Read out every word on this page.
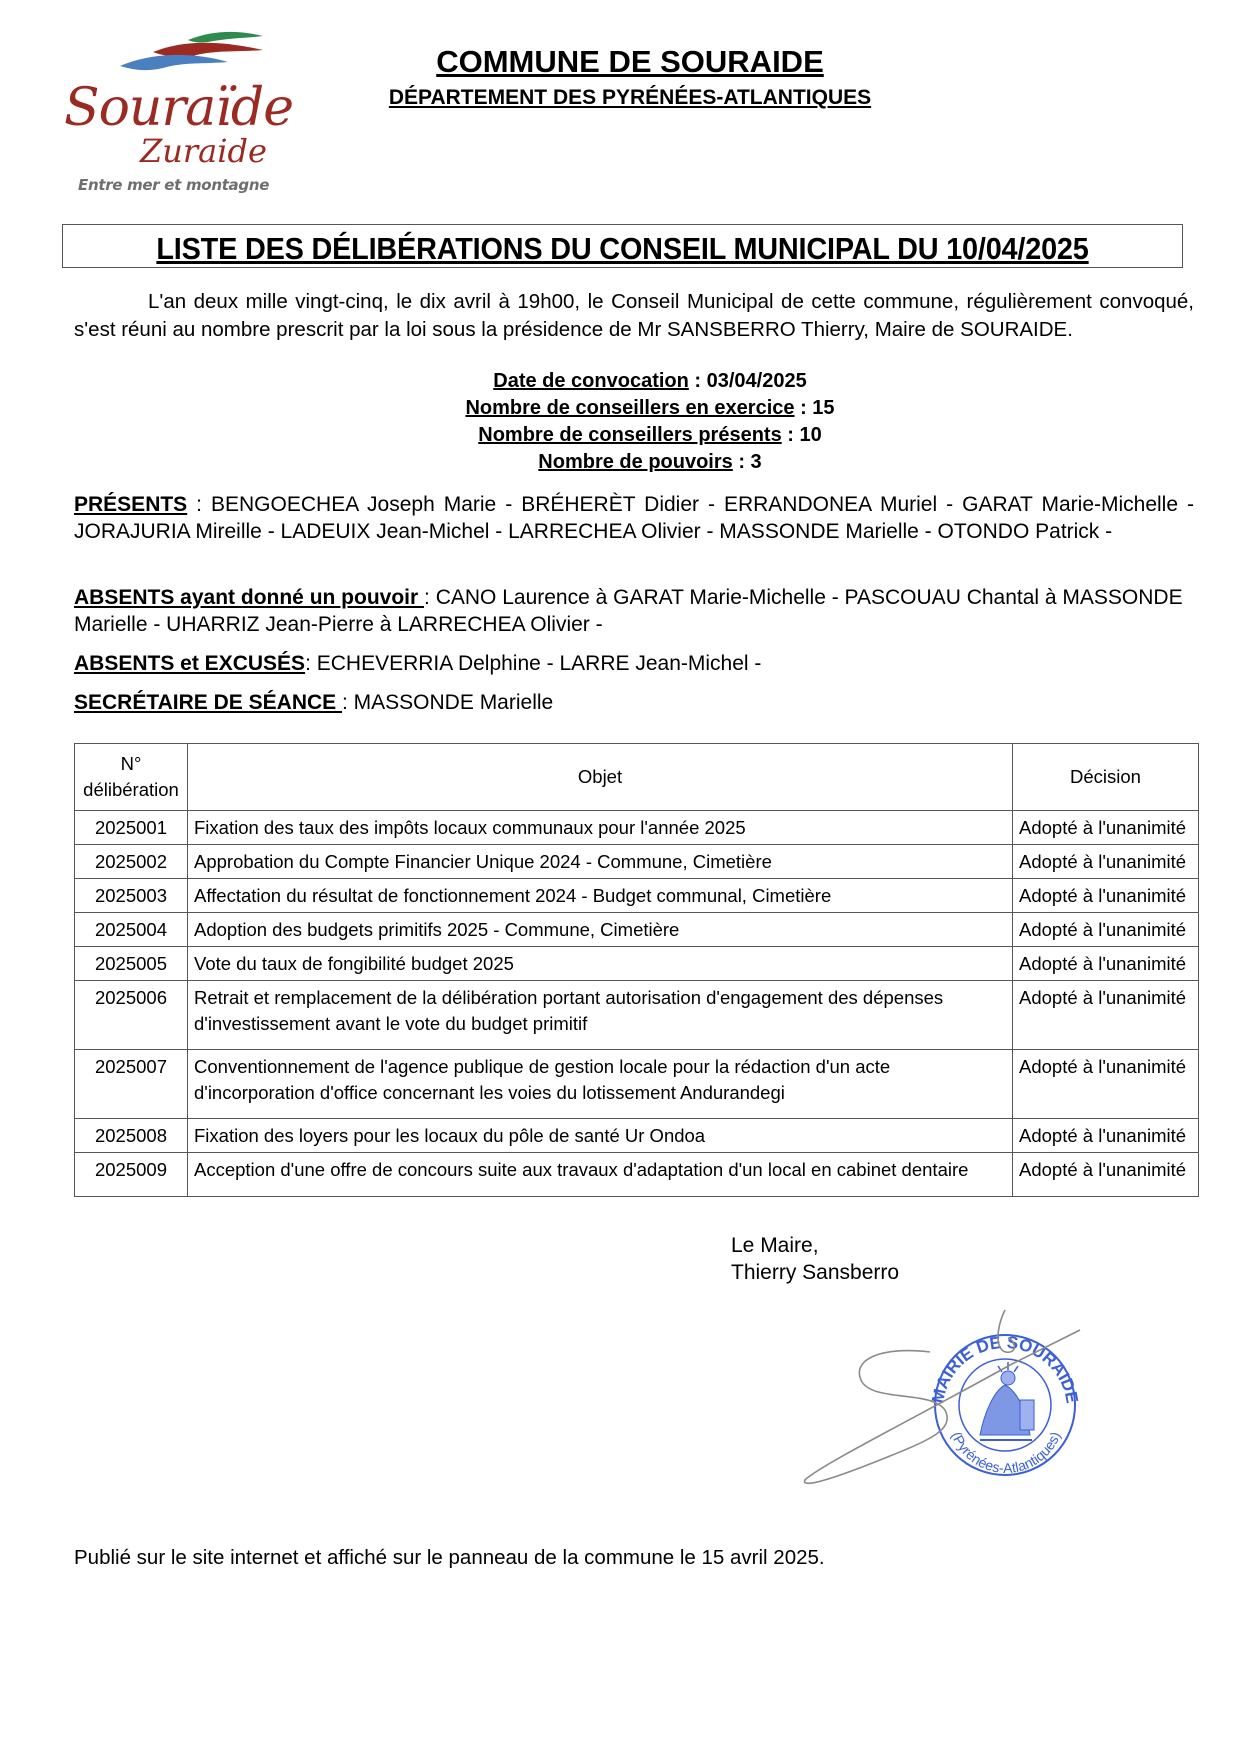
Souraïde
Zuraide
Entre mer et montagne
COMMUNE DE SOURAIDE
DÉPARTEMENT DES PYRÉNÉES-ATLANTIQUES
LISTE DES DÉLIBÉRATIONS DU CONSEIL MUNICIPAL DU 10/04/2025

L'an deux mille vingt-cinq, le dix avril à 19h00, le Conseil Municipal de cette commune, régulièrement convoqué, s'est réuni au nombre prescrit par la loi sous la présidence de Mr SANSBERRO Thierry, Maire de SOURAIDE.

Date de convocation : 03/04/2025
Nombre de conseillers en exercice : 15
Nombre de conseillers présents : 10
Nombre de pouvoirs : 3
PRÉSENTS : BENGOECHEA Joseph Marie - BRÉHERÈT Didier - ERRANDONEA Muriel - GARAT Marie-Michelle - JORAJURIA Mireille - LADEUIX Jean-Michel - LARRECHEA Olivier - MASSONDE Marielle - OTONDO Patrick -
ABSENTS ayant donné un pouvoir : CANO Laurence à GARAT Marie-Michelle - PASCOUAU Chantal à MASSONDE Marielle - UHARRIZ Jean-Pierre à LARRECHEA Olivier -
ABSENTS et EXCUSÉS: ECHEVERRIA Delphine - LARRE Jean-Michel -
SECRÉTAIRE DE SÉANCE : MASSONDE Marielle
N°
délibération	Objet	Décision
2025001	Fixation des taux des impôts locaux communaux pour l'année 2025	Adopté à l'unanimité
2025002	Approbation du Compte Financier Unique 2024 - Commune, Cimetière	Adopté à l'unanimité
2025003	Affectation du résultat de fonctionnement 2024 - Budget communal, Cimetière	Adopté à l'unanimité
2025004	Adoption des budgets primitifs 2025 - Commune, Cimetière	Adopté à l'unanimité
2025005	Vote du taux de fongibilité budget 2025	Adopté à l'unanimité
2025006	Retrait et remplacement de la délibération portant autorisation d'engagement des dépenses d'investissement avant le vote du budget primitif	Adopté à l'unanimité
2025007	Conventionnement de l'agence publique de gestion locale pour la rédaction d'un acte d'incorporation d'office concernant les voies du lotissement Andurandegi	Adopté à l'unanimité
2025008	Fixation des loyers pour les locaux du pôle de santé Ur Ondoa	Adopté à l'unanimité
2025009	Acception d'une offre de concours suite aux travaux d'adaptation d'un local en cabinet dentaire	Adopté à l'unanimité
Le Maire,
Thierry Sansberro
MAIRIE DE SOURAIDE
(Pyrénées-Atlantiques)
Publié sur le site internet et affiché sur le panneau de la commune le 15 avril 2025.
